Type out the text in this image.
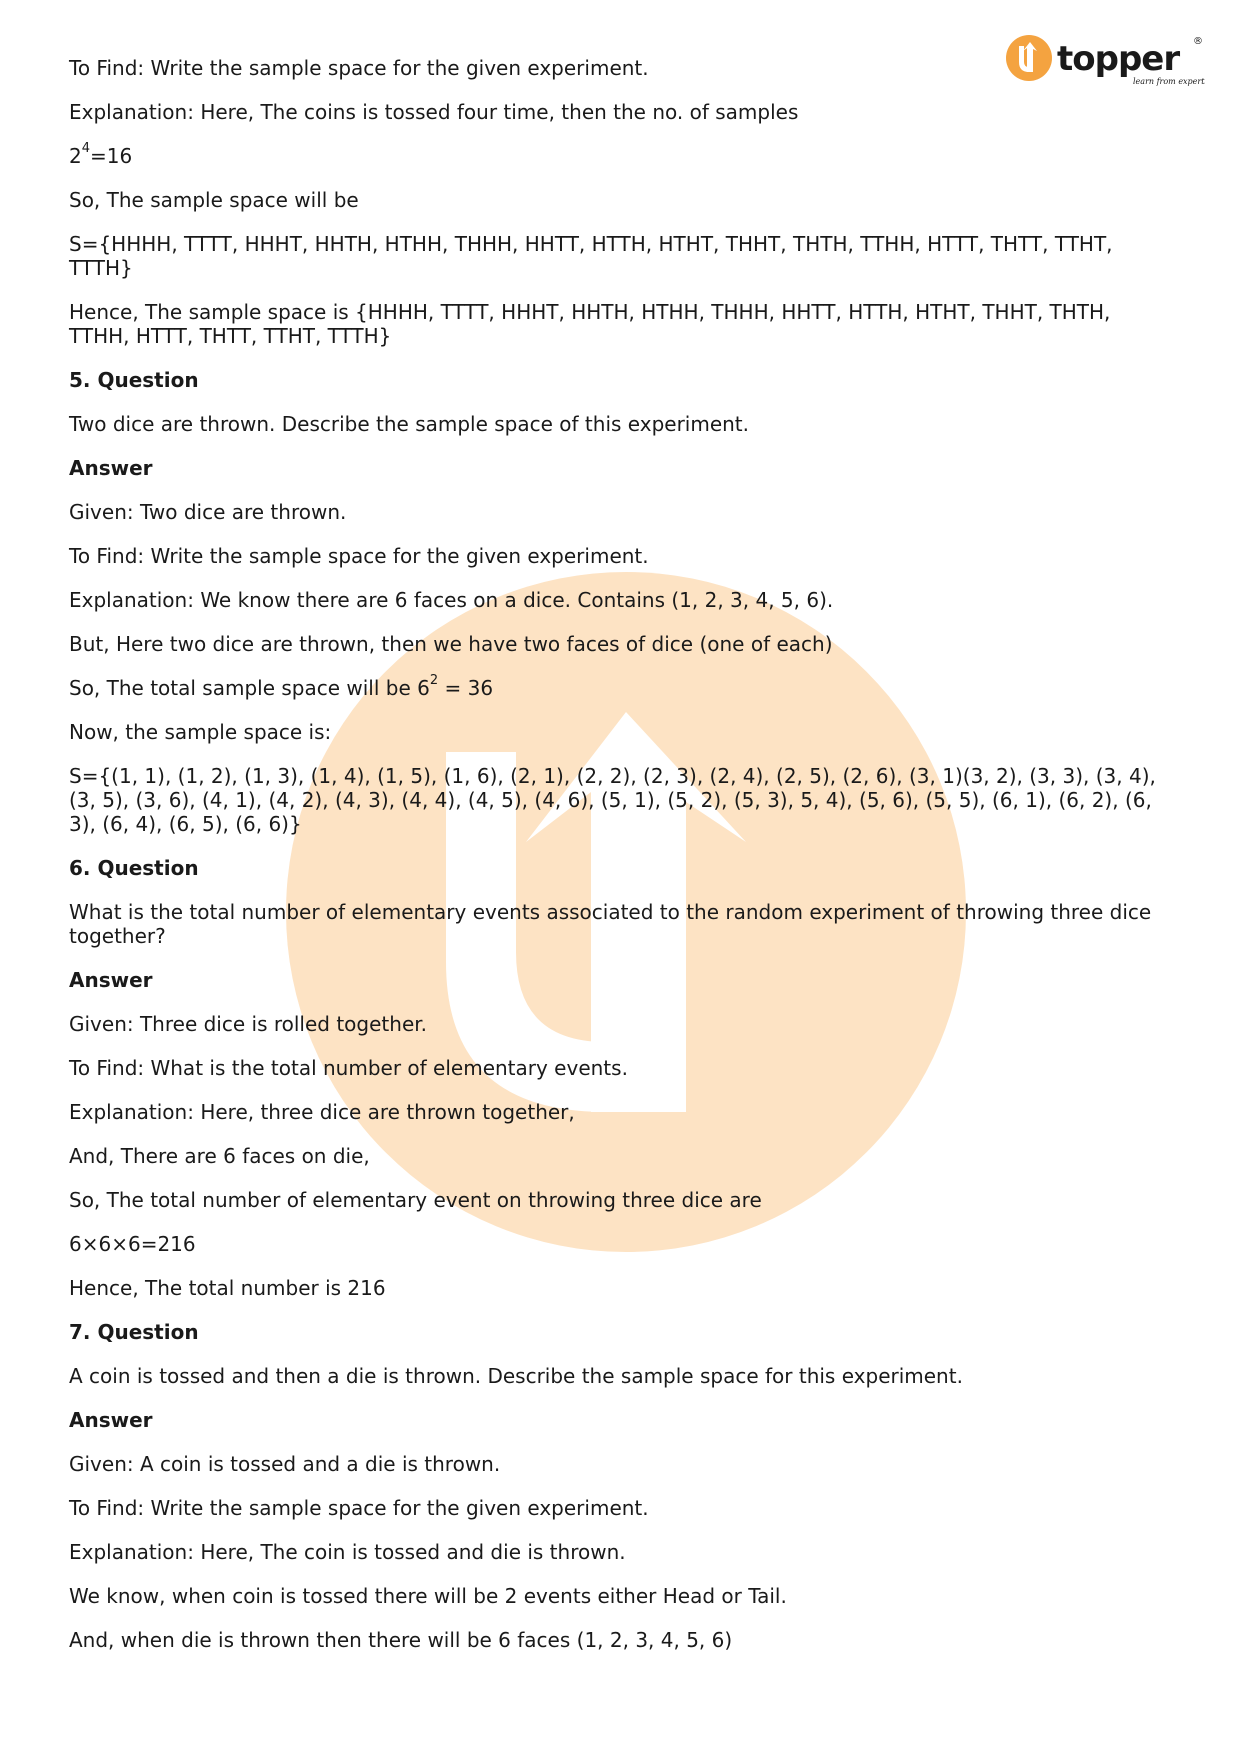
topper ®
learn from experts

To Find: Write the sample space for the given experiment.

Explanation: Here, The coins is tossed four time, then the no. of samples

$2^4=16$

So, The sample space will be

S={HHHH, TTTT, HHHT, HHTH, HTHH, THHH, HHTT, HTTH, HTHT, THHT, THTH, TTHH, HTTT, THTT, TTHT, TTTH}

Hence, The sample space is {HHHH, TTTT, HHHT, HHTH, HTHH, THHH, HHTT, HTTH, HTHT, THHT, THTH, TTHH, HTTT, THTT, TTHT, TTTH}

5. Question

Two dice are thrown. Describe the sample space of this experiment.

Answer

Given: Two dice are thrown.

To Find: Write the sample space for the given experiment.

Explanation: We know there are 6 faces on a dice. Contains (1, 2, 3, 4, 5, 6).

But, Here two dice are thrown, then we have two faces of dice (one of each)

So, The total sample space will be $6^2 = 36$

Now, the sample space is:

S={(1, 1), (1, 2), (1, 3), (1, 4), (1, 5), (1, 6), (2, 1), (2, 2), (2, 3), (2, 4), (2, 5), (2, 6), (3, 1)(3, 2), (3, 3), (3, 4), (3, 5), (3, 6), (4, 1), (4, 2), (4, 3), (4, 4), (4, 5), (4, 6), (5, 1), (5, 2), (5, 3), 5, 4), (5, 6), (5, 5), (6, 1), (6, 2), (6, 3), (6, 4), (6, 5), (6, 6)}

6. Question

What is the total number of elementary events associated to the random experiment of throwing three dice together?

Answer

Given: Three dice is rolled together.

To Find: What is the total number of elementary events.

Explanation: Here, three dice are thrown together,

And, There are 6 faces on die,

So, The total number of elementary event on throwing three dice are

6×6×6=216

Hence, The total number is 216

7. Question

A coin is tossed and then a die is thrown. Describe the sample space for this experiment.

Answer

Given: A coin is tossed and a die is thrown.

To Find: Write the sample space for the given experiment.

Explanation: Here, The coin is tossed and die is thrown.

We know, when coin is tossed there will be 2 events either Head or Tail.

And, when die is thrown then there will be 6 faces (1, 2, 3, 4, 5, 6)
